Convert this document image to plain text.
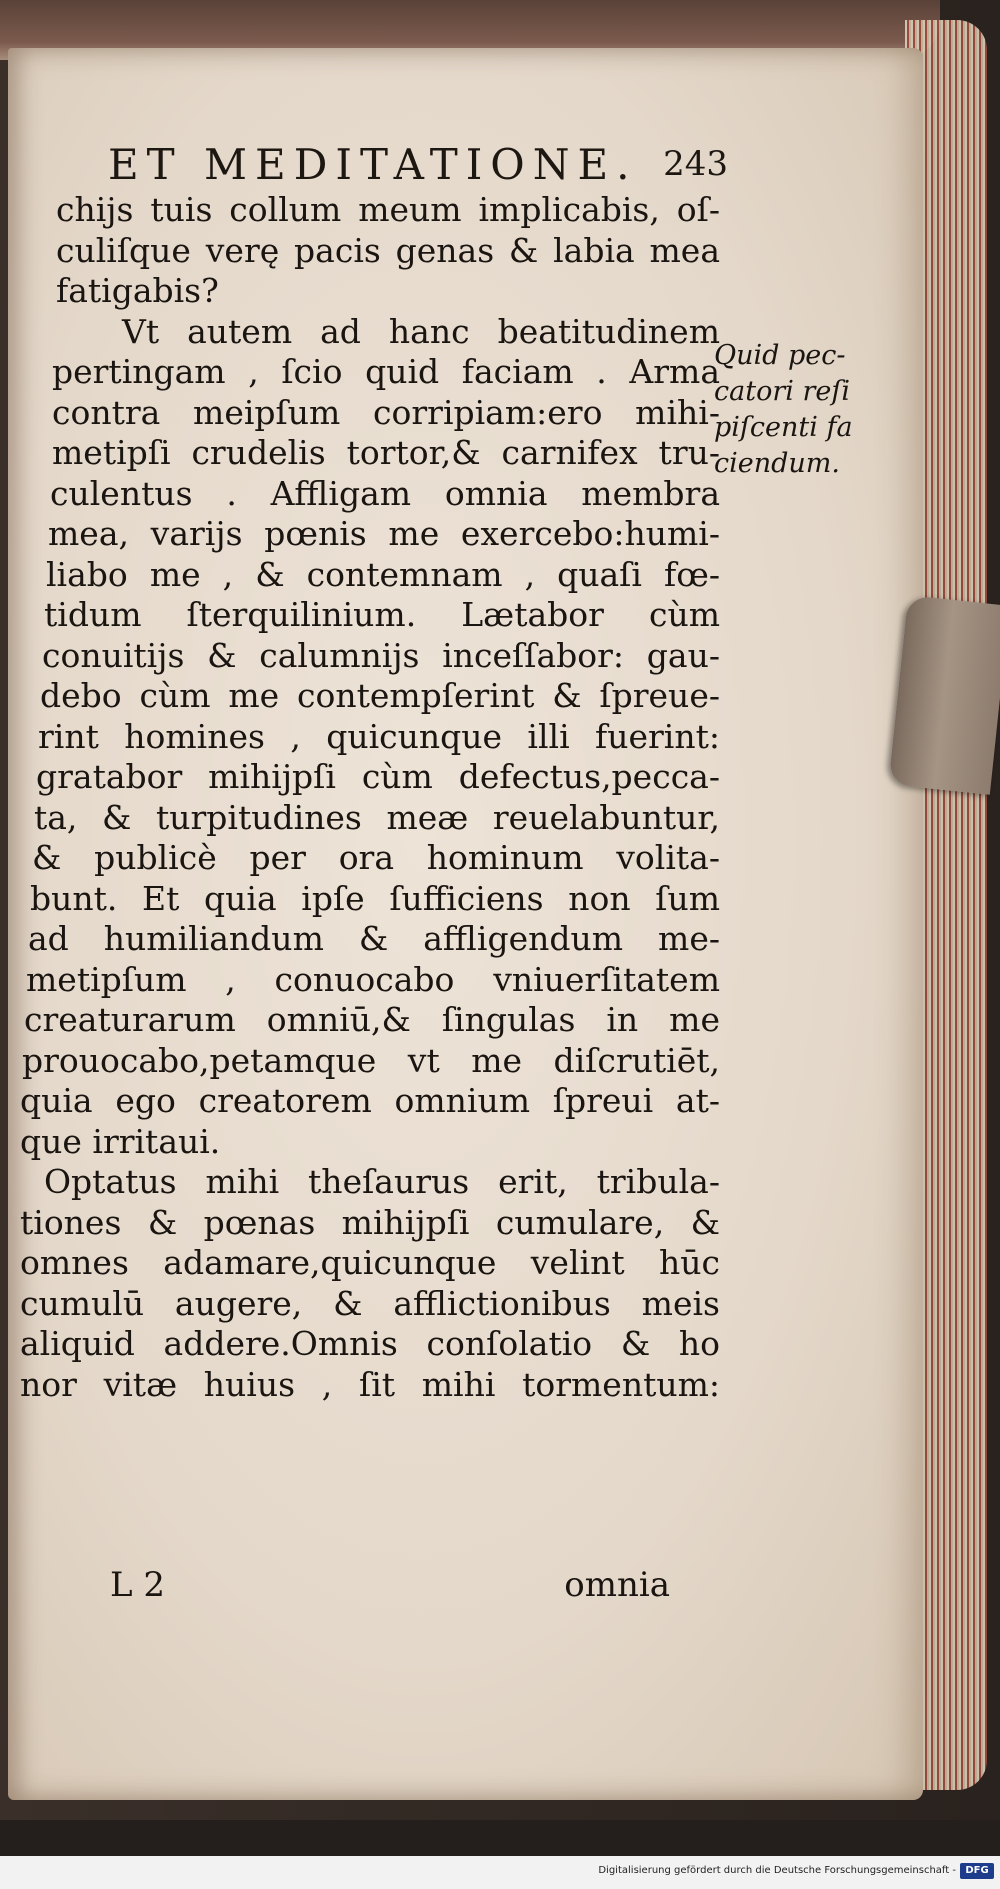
ET MEDITATIONE. 243
chijs tuis collum meum implicabis, oſ-
culiſque verę pacis genas & labia mea
fatigabis?
Vt autem ad hanc beatitudinem
pertingam , ſcio quid faciam . Arma
contra meipſum corripiam:ero mihi-
metipſi crudelis tortor,& carnifex tru-
culentus . Affligam omnia membra
mea, varijs pœnis me exercebo:humi-
liabo me , & contemnam , quaſi fœ-
tidum ſterquilinium. Lætabor cùm
conuitijs & calumnijs inceſſabor: gau-
debo cùm me contempſerint & ſpreue-
rint homines , quicunque illi fuerint:
gratabor mihijpſi cùm defectus,pecca-
ta, & turpitudines meæ reuelabuntur,
& publicè per ora hominum volita-
bunt. Et quia ipſe ſufficiens non ſum
ad humiliandum & affligendum me-
metipſum , conuocabo vniuerſitatem
creaturarum omniū,& ſingulas in me
prouocabo,petamque vt me diſcrutiēt,
quia ego creatorem omnium ſpreui at-
que irritaui.
Optatus mihi theſaurus erit, tribula-
tiones & pœnas mihijpſi cumulare, &
omnes adamare,quicunque velint hūc
cumulū augere, & afflictionibus meis
aliquid addere.Omnis conſolatio & ho
nor vitæ huius , ſit mihi tormentum:
Quid pec-
catori reſi
piſcenti fa
ciendum.
L 2	omnia
Digitalisierung gefördert durch die Deutsche Forschungsgemeinschaft - DFG
